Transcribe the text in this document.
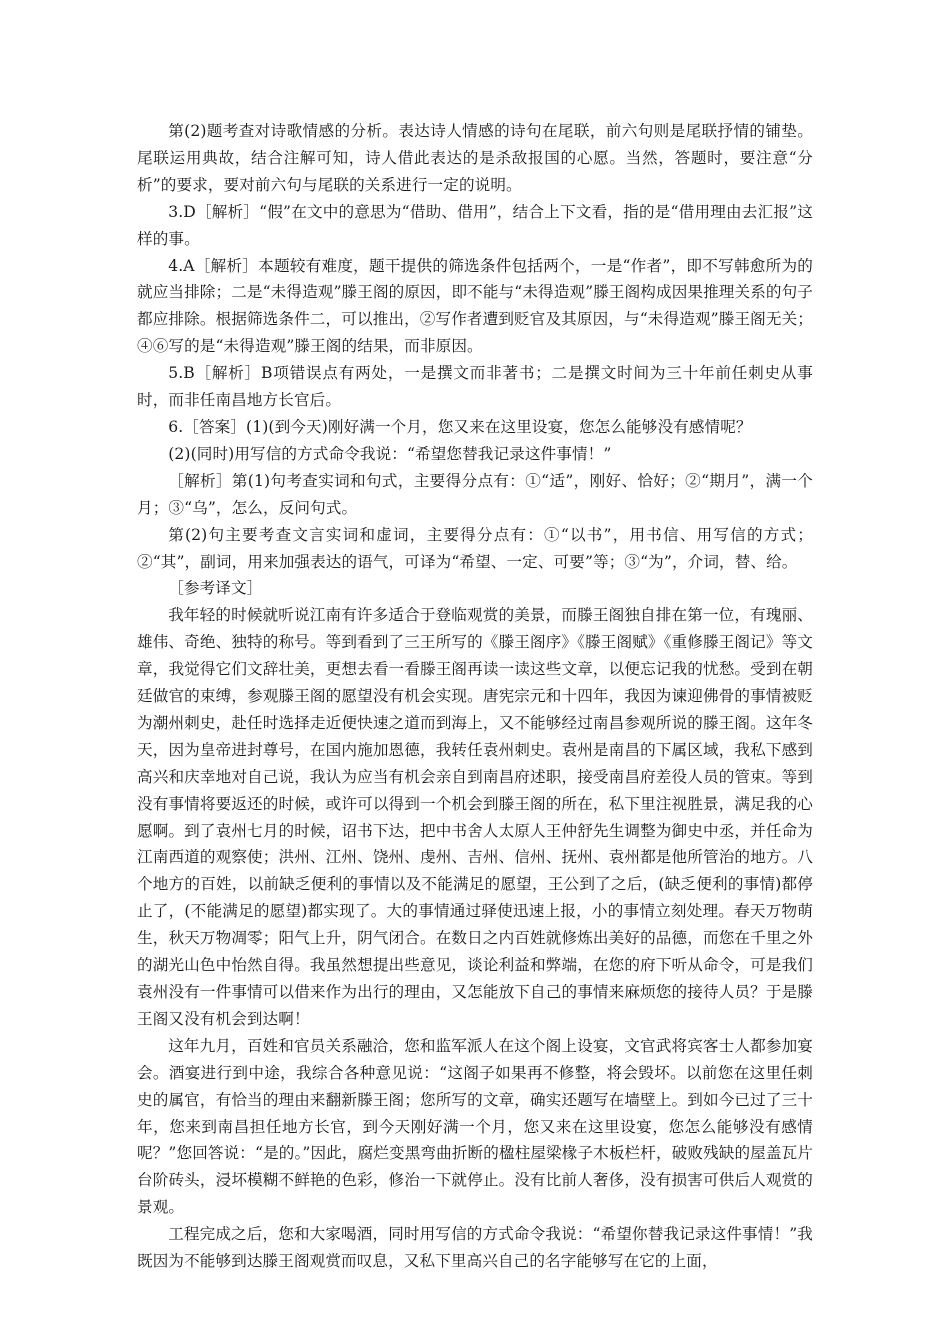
第(2)题考查对诗歌情感的分析。表达诗人情感的诗句在尾联，前六句则是尾联抒情的铺垫。尾联运用典故，结合注解可知，诗人借此表达的是杀敌报国的心愿。当然，答题时，要注意“分析”的要求，要对前六句与尾联的关系进行一定的说明。

3.D［解析］“假”在文中的意思为“借助、借用”，结合上下文看，指的是“借用理由去汇报”这样的事。

4.A［解析］本题较有难度，题干提供的筛选条件包括两个，一是“作者”，即不写韩愈所为的就应当排除；二是“未得造观”滕王阁的原因，即不能与“未得造观”滕王阁构成因果推理关系的句子都应排除。根据筛选条件二，可以推出，②写作者遭到贬官及其原因，与“未得造观”滕王阁无关；④⑥写的是“未得造观”滕王阁的结果，而非原因。

5.B［解析］B项错误点有两处，一是撰文而非著书；二是撰文时间为三十年前任刺史从事时，而非任南昌地方长官后。

6.［答案］(1)(到今天)刚好满一个月，您又来在这里设宴，您怎么能够没有感情呢？

(2)(同时)用写信的方式命令我说：“希望您替我记录这件事情！”

［解析］第(1)句考查实词和句式，主要得分点有：①“适”，刚好、恰好；②“期月”，满一个月；③“乌”，怎么，反问句式。

第(2)句主要考查文言实词和虚词，主要得分点有：①“以书”，用书信、用写信的方式；②“其”，副词，用来加强表达的语气，可译为“希望、一定、可要”等；③“为”，介词，替、给。

［参考译文］

我年轻的时候就听说江南有许多适合于登临观赏的美景，而滕王阁独自排在第一位，有瑰丽、雄伟、奇绝、独特的称号。等到看到了三王所写的《滕王阁序》《滕王阁赋》《重修滕王阁记》等文章，我觉得它们文辞壮美，更想去看一看滕王阁再读一读这些文章，以便忘记我的忧愁。受到在朝廷做官的束缚，参观滕王阁的愿望没有机会实现。唐宪宗元和十四年，我因为谏迎佛骨的事情被贬为潮州刺史，赴任时选择走近便快速之道而到海上，又不能够经过南昌参观所说的滕王阁。这年冬天，因为皇帝进封尊号，在国内施加恩德，我转任袁州刺史。袁州是南昌的下属区域，我私下感到高兴和庆幸地对自己说，我认为应当有机会亲自到南昌府述职，接受南昌府差役人员的管束。等到没有事情将要返还的时候，或许可以得到一个机会到滕王阁的所在，私下里注视胜景，满足我的心愿啊。到了袁州七月的时候，诏书下达，把中书舍人太原人王仲舒先生调整为御史中丞，并任命为江南西道的观察使；洪州、江州、饶州、虔州、吉州、信州、抚州、袁州都是他所管治的地方。八个地方的百姓，以前缺乏便利的事情以及不能满足的愿望，王公到了之后，(缺乏便利的事情)都停止了，(不能满足的愿望)都实现了。大的事情通过驿使迅速上报，小的事情立刻处理。春天万物萌生，秋天万物凋零；阳气上升，阴气闭合。在数日之内百姓就修炼出美好的品德，而您在千里之外的湖光山色中怡然自得。我虽然想提出些意见，谈论利益和弊端，在您的府下听从命令，可是我们袁州没有一件事情可以借来作为出行的理由，又怎能放下自己的事情来麻烦您的接待人员？于是滕王阁又没有机会到达啊！

这年九月，百姓和官员关系融洽，您和监军派人在这个阁上设宴，文官武将宾客士人都参加宴会。酒宴进行到中途，我综合各种意见说：“这阁子如果再不修整，将会毁坏。以前您在这里任刺史的属官，有恰当的理由来翻新滕王阁；您所写的文章，确实还题写在墙壁上。到如今已过了三十年，您来到南昌担任地方长官，到今天刚好满一个月，您又来在这里设宴，您怎么能够没有感情呢？”您回答说：“是的。”因此，腐烂变黑弯曲折断的楹柱屋梁椽子木板栏杆，破败残缺的屋盖瓦片台阶砖头，浸坏模糊不鲜艳的色彩，修治一下就停止。没有比前人奢侈，没有损害可供后人观赏的景观。

工程完成之后，您和大家喝酒，同时用写信的方式命令我说：“希望你替我记录这件事情！”我既因为不能够到达滕王阁观赏而叹息，又私下里高兴自己的名字能够写在它的上面，
